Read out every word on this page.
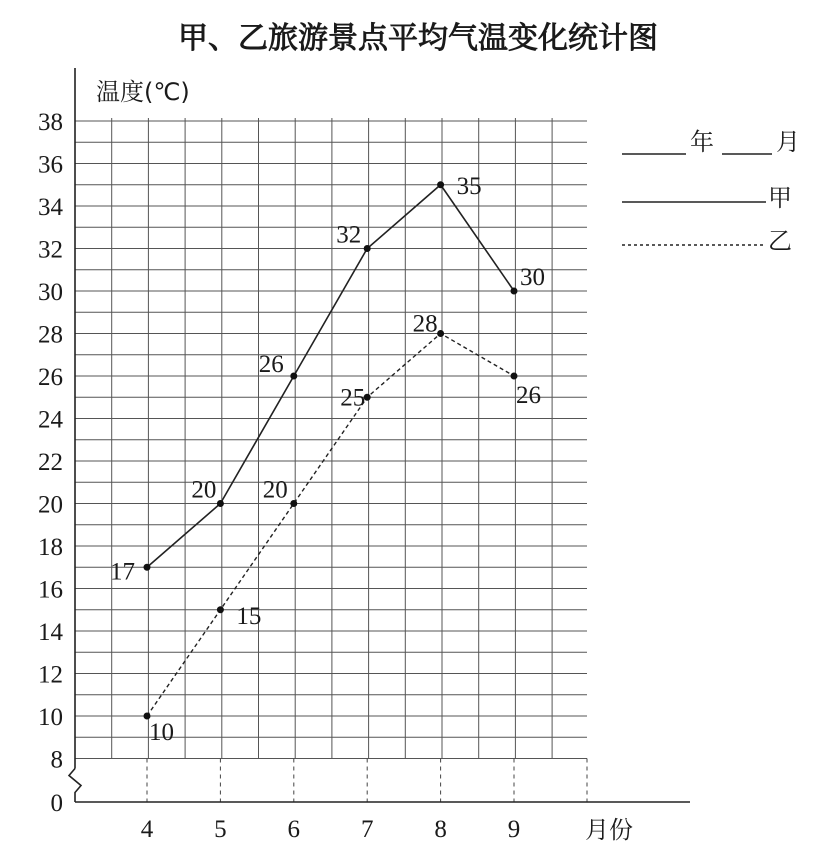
甲、乙旅游景点平均气温变化统计图
温度(℃)
月份
0
8
10
12
14
16
18
20
22
24
26
28
30
32
34
36
38
4 5 6 7 8 9
17
20
26
32
35
30
10
15
20
25
28
26
年	月
甲
乙
